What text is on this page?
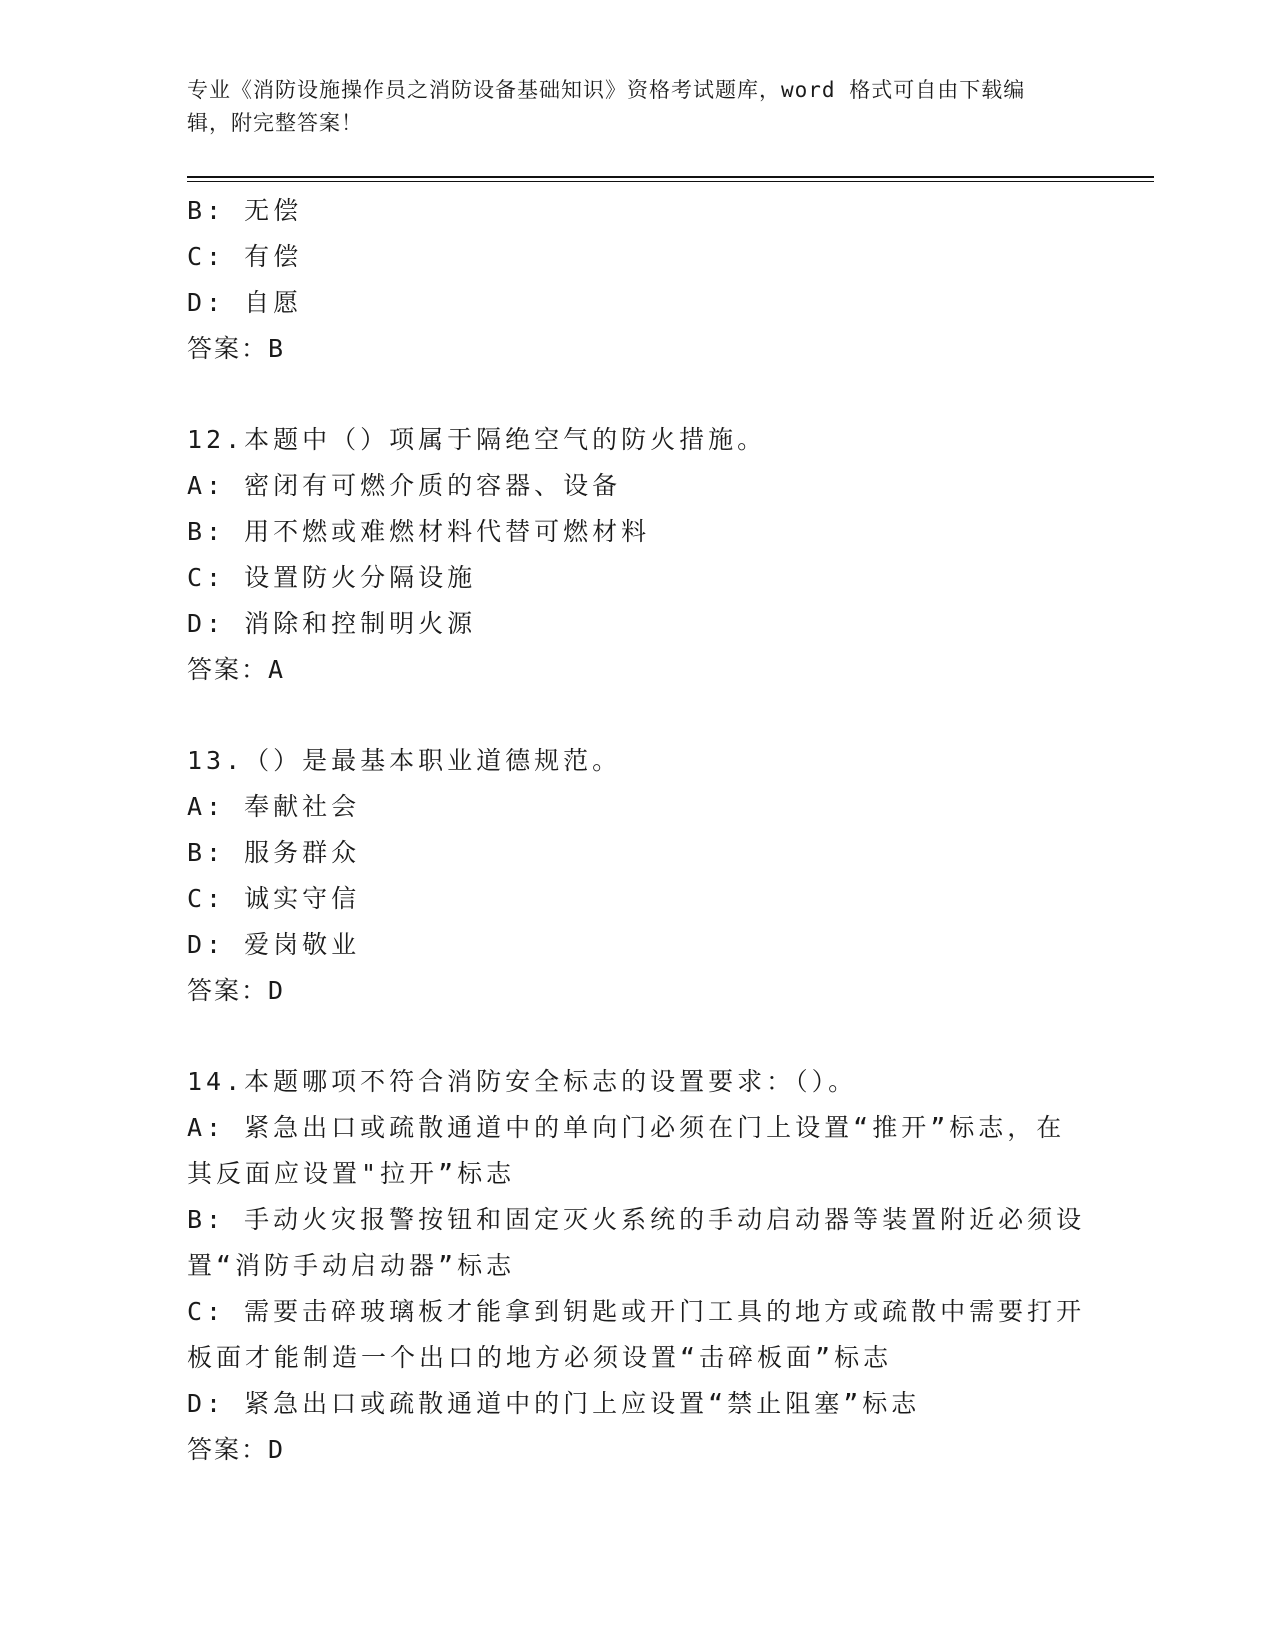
专业《消防设施操作员之消防设备基础知识》资格考试题库，word 格式可自由下载编辑，附完整答案！
B: 无偿
C: 有偿
D: 自愿
答案：B
12.本题中（）项属于隔绝空气的防火措施。
A: 密闭有可燃介质的容器、设备
B: 用不燃或难燃材料代替可燃材料
C: 设置防火分隔设施
D: 消除和控制明火源
答案：A
13.（）是最基本职业道德规范。
A: 奉献社会
B: 服务群众
C: 诚实守信
D: 爱岗敬业
答案：D
14.本题哪项不符合消防安全标志的设置要求：（）。
A: 紧急出口或疏散通道中的单向门必须在门上设置“推开”标志，在其反面应设置"拉开”标志
B: 手动火灾报警按钮和固定灭火系统的手动启动器等装置附近必须设置“消防手动启动器”标志
C: 需要击碎玻璃板才能拿到钥匙或开门工具的地方或疏散中需要打开板面才能制造一个出口的地方必须设置“击碎板面”标志
D: 紧急出口或疏散通道中的门上应设置“禁止阻塞”标志
答案：D
